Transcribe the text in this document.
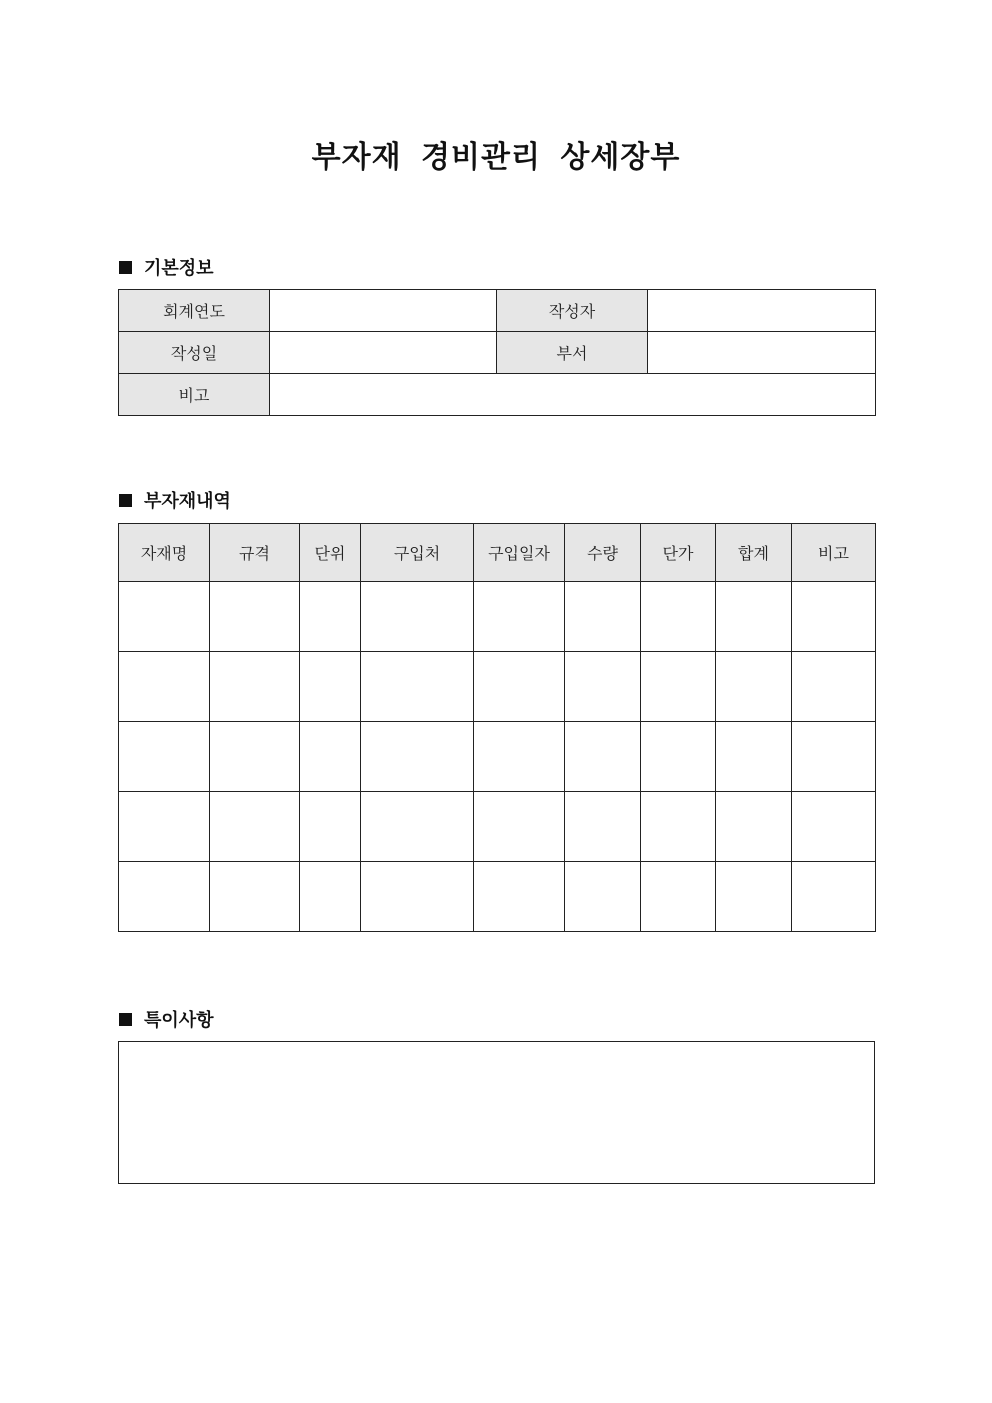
부자재 경비관리 상세장부
기본정보
회계연도		작성자	
작성일		부서	
비고			
부자재내역
자재명	규격	단위	구입처	구입일자	수량	단가	합계	비고

특이사항
